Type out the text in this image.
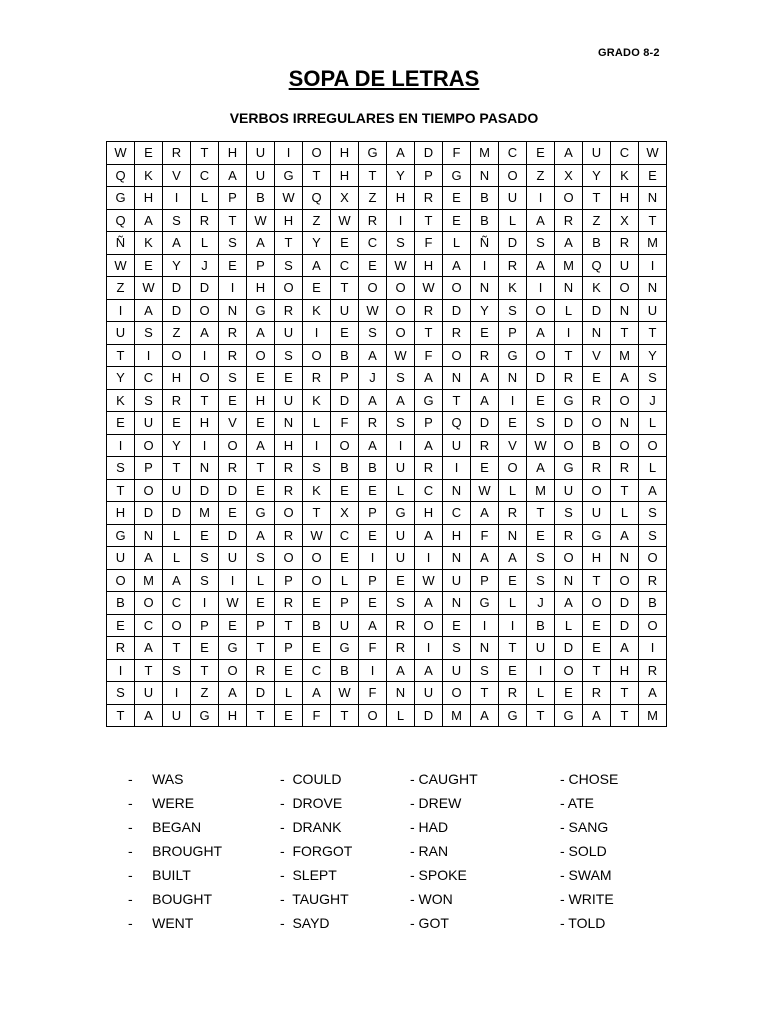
GRADO 8-2
SOPA DE LETRAS
VERBOS IRREGULARES EN TIEMPO PASADO
W	E	R	T	H	U	I	O	H	G	A	D	F	M	C	E	A	U	C	W
Q	K	V	C	A	U	G	T	H	T	Y	P	G	N	O	Z	X	Y	K	E
G	H	I	L	P	B	W	Q	X	Z	H	R	E	B	U	I	O	T	H	N
Q	A	S	R	T	W	H	Z	W	R	I	T	E	B	L	A	R	Z	X	T
Ñ	K	A	L	S	A	T	Y	E	C	S	F	L	Ñ	D	S	A	B	R	M
W	E	Y	J	E	P	S	A	C	E	W	H	A	I	R	A	M	Q	U	I
Z	W	D	D	I	H	O	E	T	O	O	W	O	N	K	I	N	K	O	N
I	A	D	O	N	G	R	K	U	W	O	R	D	Y	S	O	L	D	N	U
U	S	Z	A	R	A	U	I	E	S	O	T	R	E	P	A	I	N	T	T
T	I	O	I	R	O	S	O	B	A	W	F	O	R	G	O	T	V	M	Y
Y	C	H	O	S	E	E	R	P	J	S	A	N	A	N	D	R	E	A	S
K	S	R	T	E	H	U	K	D	A	A	G	T	A	I	E	G	R	O	J
E	U	E	H	V	E	N	L	F	R	S	P	Q	D	E	S	D	O	N	L
I	O	Y	I	O	A	H	I	O	A	I	A	U	R	V	W	O	B	O	O
S	P	T	N	R	T	R	S	B	B	U	R	I	E	O	A	G	R	R	L
T	O	U	D	D	E	R	K	E	E	L	C	N	W	L	M	U	O	T	A
H	D	D	M	E	G	O	T	X	P	G	H	C	A	R	T	S	U	L	S
G	N	L	E	D	A	R	W	C	E	U	A	H	F	N	E	R	G	A	S
U	A	L	S	U	S	O	O	E	I	U	I	N	A	A	S	O	H	N	O
O	M	A	S	I	L	P	O	L	P	E	W	U	P	E	S	N	T	O	R
B	O	C	I	W	E	R	E	P	E	S	A	N	G	L	J	A	O	D	B
E	C	O	P	E	P	T	B	U	A	R	O	E	I	I	B	L	E	D	O
R	A	T	E	G	T	P	E	G	F	R	I	S	N	T	U	D	E	A	I
I	T	S	T	O	R	E	C	B	I	A	A	U	S	E	I	O	T	H	R
S	U	I	Z	A	D	L	A	W	F	N	U	O	T	R	L	E	R	T	A
T	A	U	G	H	T	E	F	T	O	L	D	M	A	G	T	G	A	T	M
-     WAS
-     WERE
-     BEGAN
-     BROUGHT
-     BUILT
-     BOUGHT
-     WENT
-  COULD
-  DROVE
-  DRANK
-  FORGOT
-  SLEPT
-  TAUGHT
-  SAYD
- CAUGHT
- DREW
- HAD
- RAN
- SPOKE
- WON
- GOT
- CHOSE
- ATE
- SANG
- SOLD
- SWAM
- WRITE
- TOLD
